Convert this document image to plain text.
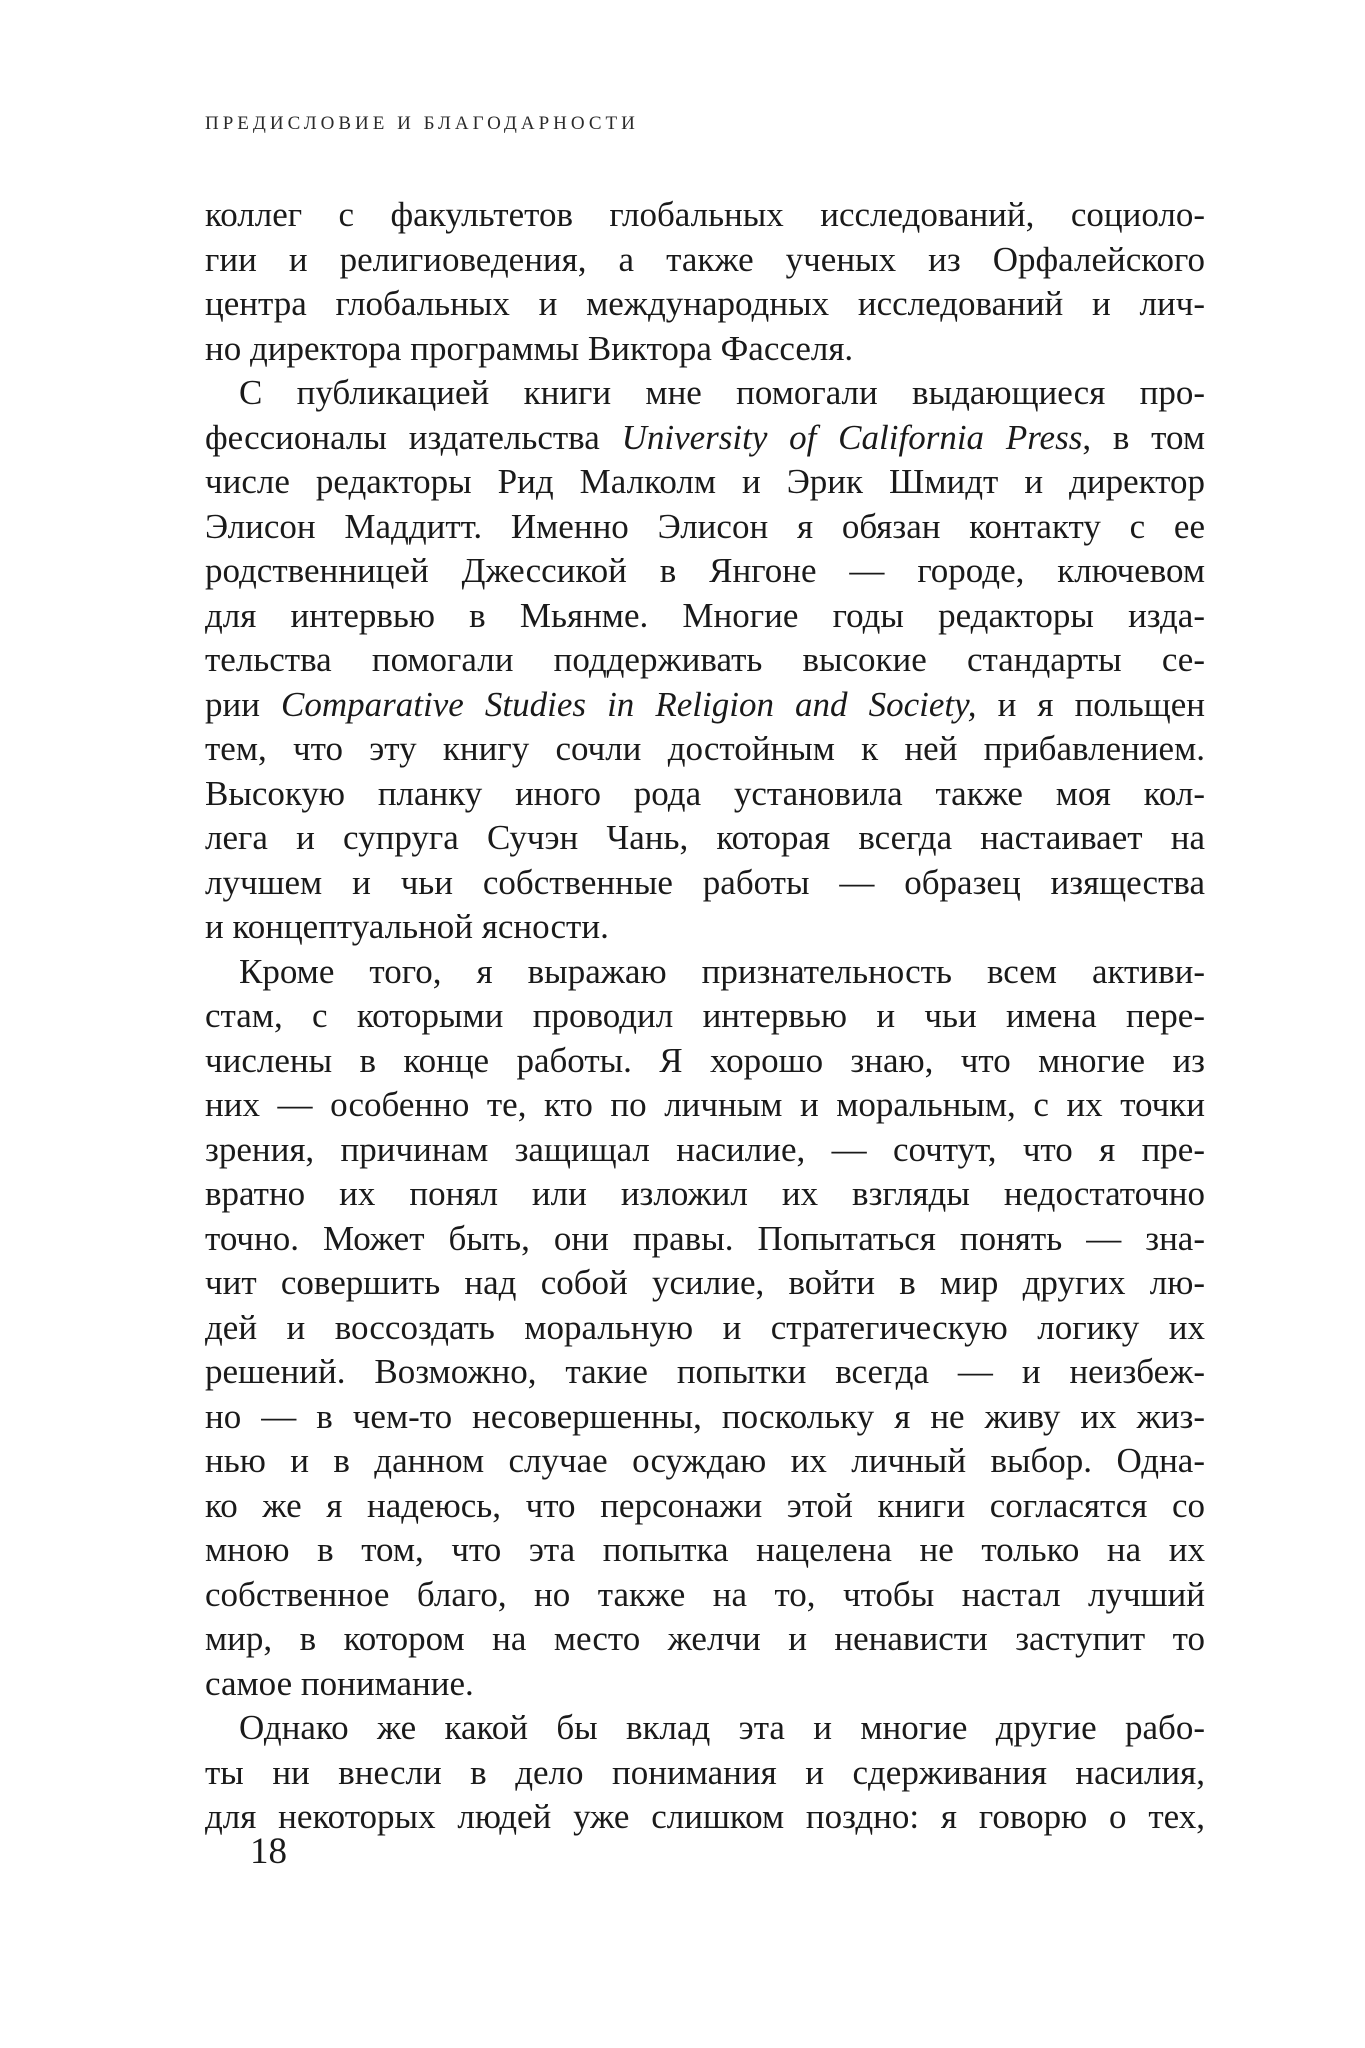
ПРЕДИСЛОВИЕ И БЛАГОДАРНОСТИ

коллег с факультетов глобальных исследований, социоло-
гии и религиоведения, а также ученых из Орфалейского
центра глобальных и международных исследований и лич-
но директора программы Виктора Фасселя.

С публикацией книги мне помогали выдающиеся про-
фессионалы издательства University of California Press, в том
числе редакторы Рид Малколм и Эрик Шмидт и директор
Элисон Маддитт. Именно Элисон я обязан контакту с ее
родственницей Джессикой в Янгоне — городе, ключевом
для интервью в Мьянме. Многие годы редакторы изда-
тельства помогали поддерживать высокие стандарты се-
рии Comparative Studies in Religion and Society, и я польщен
тем, что эту книгу сочли достойным к ней прибавлением.
Высокую планку иного рода установила также моя кол-
лега и супруга Сучэн Чань, которая всегда настаивает на
лучшем и чьи собственные работы — образец изящества
и концептуальной ясности.

Кроме того, я выражаю признательность всем активи-
стам, с которыми проводил интервью и чьи имена пере-
числены в конце работы. Я хорошо знаю, что многие из
них — особенно те, кто по личным и моральным, с их точки
зрения, причинам защищал насилие, — сочтут, что я пре-
вратно их понял или изложил их взгляды недостаточно
точно. Может быть, они правы. Попытаться понять — зна-
чит совершить над собой усилие, войти в мир других лю-
дей и воссоздать моральную и стратегическую логику их
решений. Возможно, такие попытки всегда — и неизбеж-
но — в чем-то несовершенны, поскольку я не живу их жиз-
нью и в данном случае осуждаю их личный выбор. Одна-
ко же я надеюсь, что персонажи этой книги согласятся со
мною в том, что эта попытка нацелена не только на их
собственное благо, но также на то, чтобы настал лучший
мир, в котором на место желчи и ненависти заступит то
самое понимание.

Однако же какой бы вклад эта и многие другие рабо-
ты ни внесли в дело понимания и сдерживания насилия,
для некоторых людей уже слишком поздно: я говорю о тех,

18
